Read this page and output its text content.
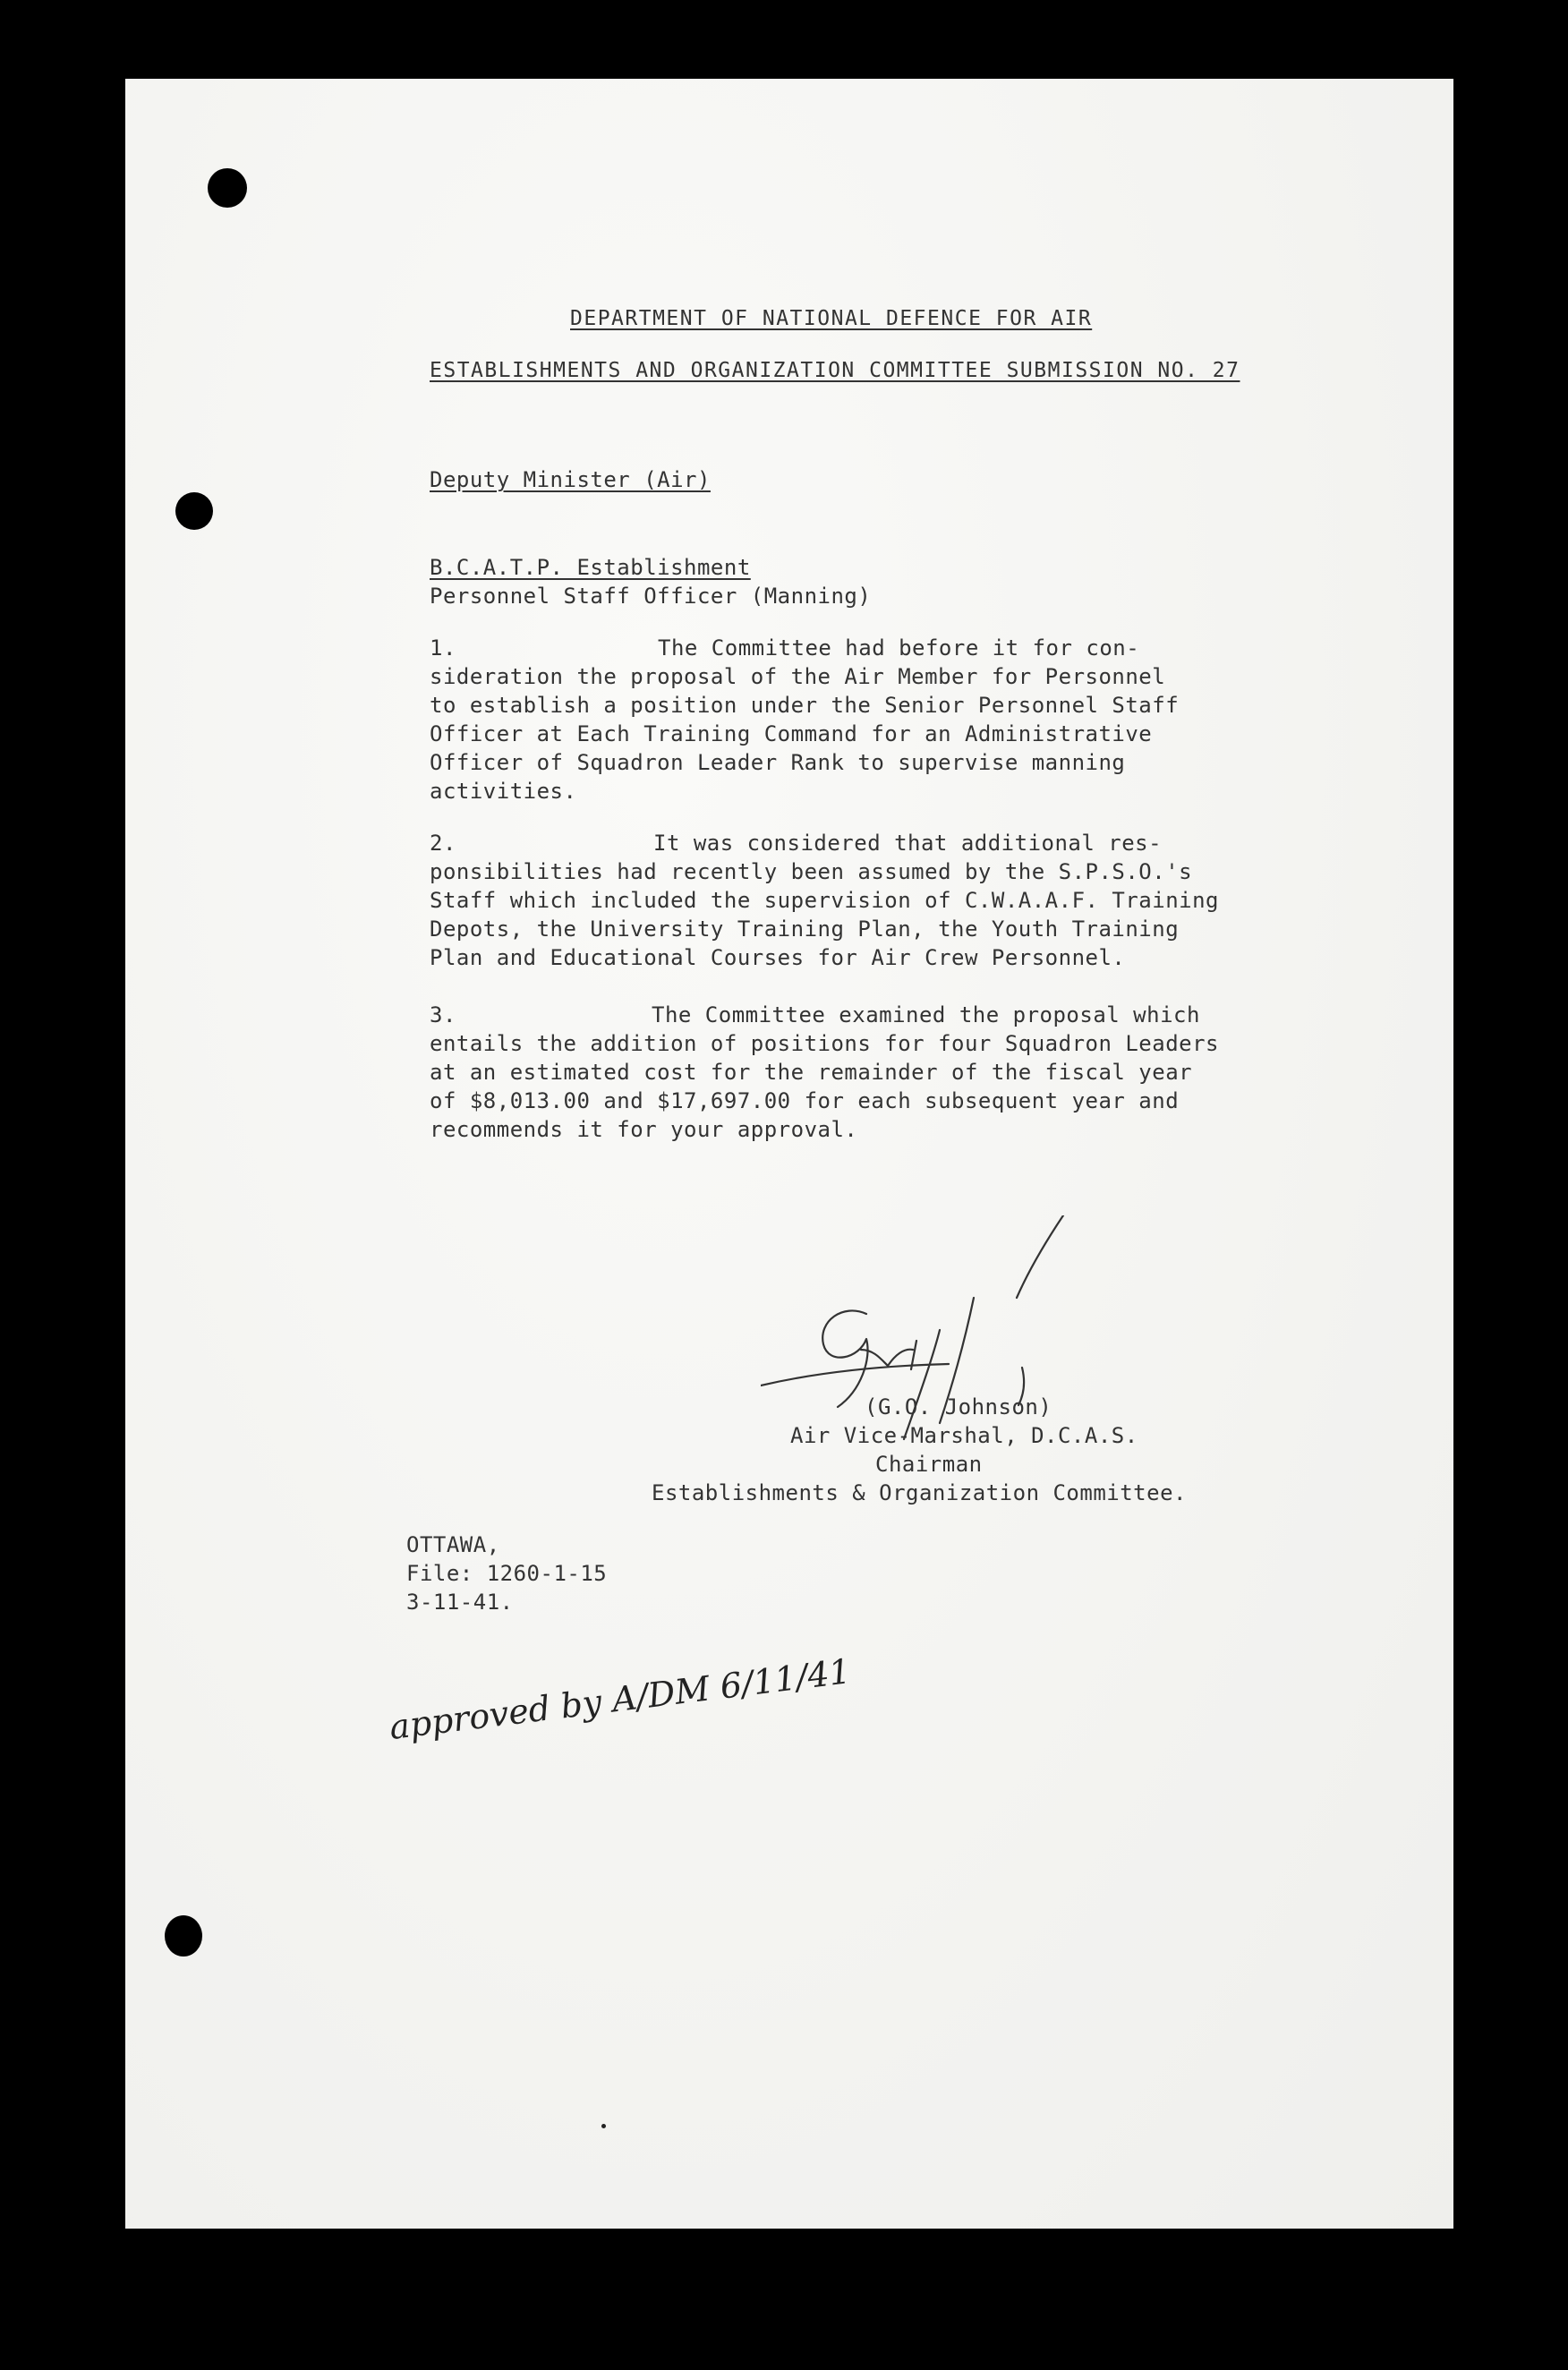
DEPARTMENT OF NATIONAL DEFENCE FOR AIR
ESTABLISHMENTS AND ORGANIZATION COMMITTEE SUBMISSION NO. 27
Deputy Minister (Air)
B.C.A.T.P. Establishment
Personnel Staff Officer (Manning)
1.	The Committee had before it for con-
sideration the proposal of the Air Member for Personnel
to establish a position under the Senior Personnel Staff
Officer at Each Training Command for an Administrative
Officer of Squadron Leader Rank to supervise manning
activities.
2.	It was considered that additional res-
ponsibilities had recently been assumed by the S.P.S.O.'s
Staff which included the supervision of C.W.A.A.F. Training
Depots, the University Training Plan, the Youth Training
Plan and Educational Courses for Air Crew Personnel.
3.	The Committee examined the proposal which
entails the addition of positions for four Squadron Leaders
at an estimated cost for the remainder of the fiscal year
of $8,013.00 and $17,697.00 for each subsequent year and
recommends it for your approval.
(G.O. Johnson)
Air Vice-Marshal, D.C.A.S.
Chairman
Establishments & Organization Committee.
OTTAWA,
File: 1260-1-15
3-11-41.
approved by A/DM 6/11/41
